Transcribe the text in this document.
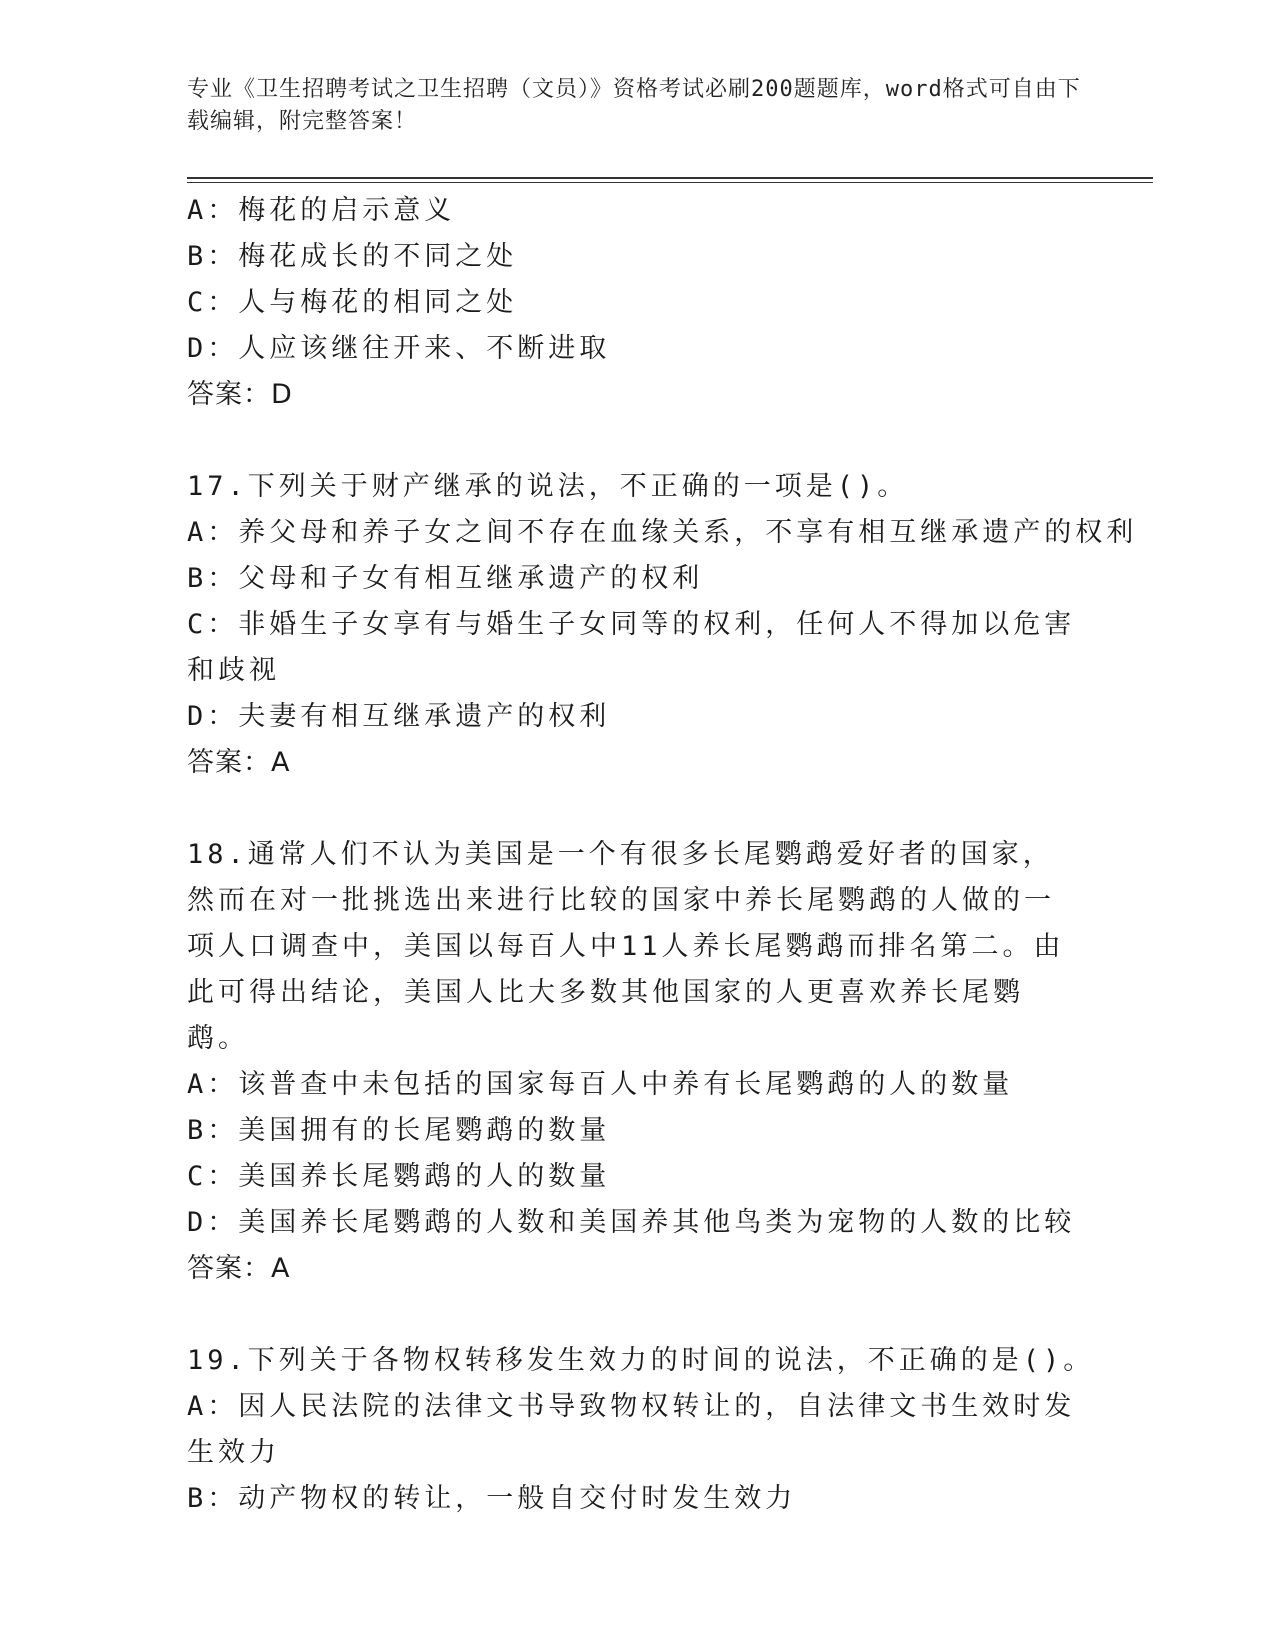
专业《卫生招聘考试之卫生招聘（文员）》资格考试必刷200题题库，word格式可自由下载编辑，附完整答案！
A：梅花的启示意义
B：梅花成长的不同之处
C：人与梅花的相同之处
D：人应该继往开来、不断进取
答案：D
17.下列关于财产继承的说法，不正确的一项是()。
A：养父母和养子女之间不存在血缘关系，不享有相互继承遗产的权利
B：父母和子女有相互继承遗产的权利
C：非婚生子女享有与婚生子女同等的权利，任何人不得加以危害和歧视
D：夫妻有相互继承遗产的权利
答案：A
18.通常人们不认为美国是一个有很多长尾鹦鹉爱好者的国家，然而在对一批挑选出来进行比较的国家中养长尾鹦鹉的人做的一项人口调查中，美国以每百人中11人养长尾鹦鹉而排名第二。由此可得出结论，美国人比大多数其他国家的人更喜欢养长尾鹦鹉。
A：该普查中未包括的国家每百人中养有长尾鹦鹉的人的数量
B：美国拥有的长尾鹦鹉的数量
C：美国养长尾鹦鹉的人的数量
D：美国养长尾鹦鹉的人数和美国养其他鸟类为宠物的人数的比较
答案：A
19.下列关于各物权转移发生效力的时间的说法，不正确的是()。
A：因人民法院的法律文书导致物权转让的，自法律文书生效时发生效力
B：动产物权的转让，一般自交付时发生效力
